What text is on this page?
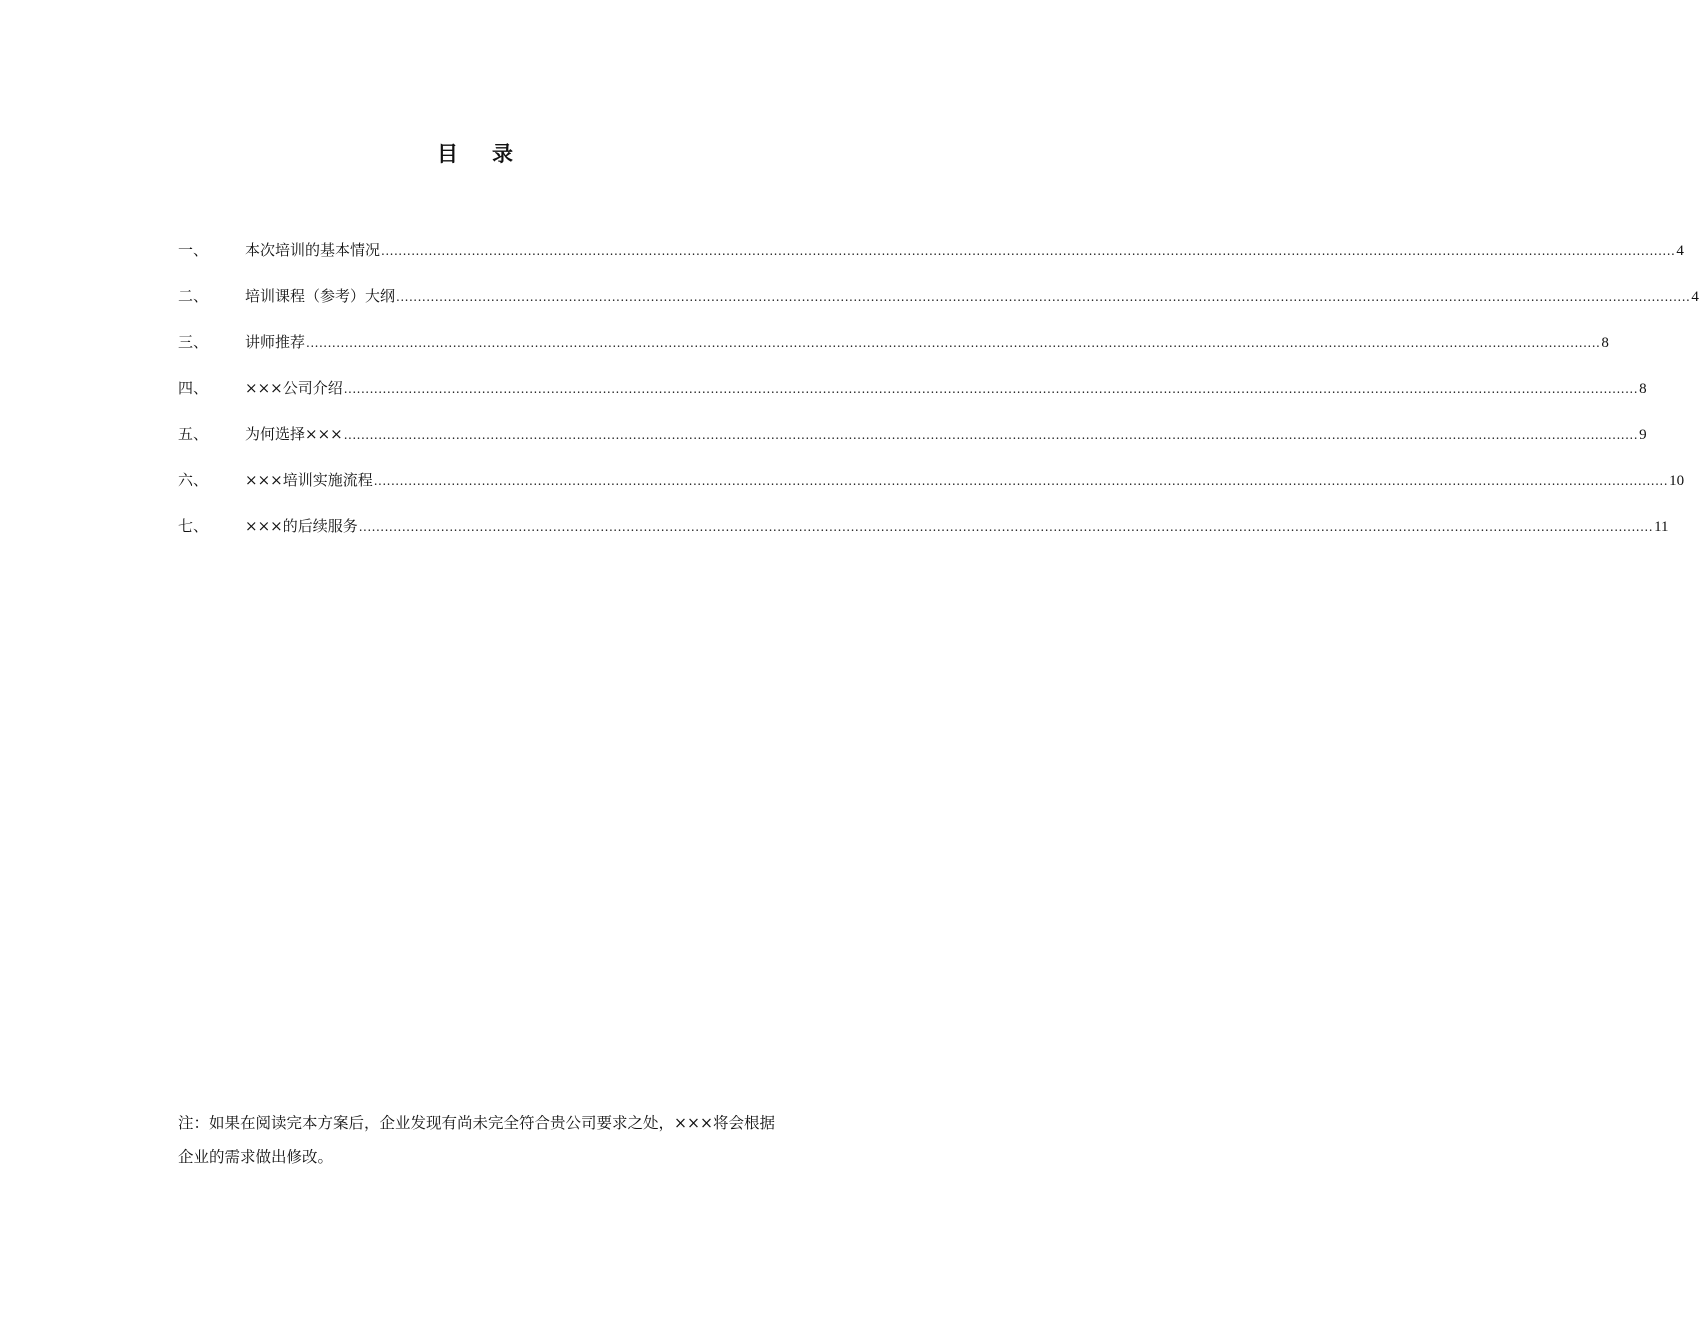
目 录
一、	本次培训的基本情况 ............................................................................................................................................................................................................................................................................................................ 4
二、	培训课程（参考）大纲 ............................................................................................................................................................................................................................................................................................................ 4
三、	讲师推荐 ............................................................................................................................................................................................................................................................................................................ 8
四、	×××公司介绍 ............................................................................................................................................................................................................................................................................................................ 8
五、	为何选择××× ............................................................................................................................................................................................................................................................................................................ 9
六、	×××培训实施流程 ............................................................................................................................................................................................................................................................................................................ 10
七、	×××的后续服务 ............................................................................................................................................................................................................................................................................................................ 11

注：如果在阅读完本方案后，企业发现有尚未完全符合贵公司要求之处，×××将会根据企业的需求做出修改。
